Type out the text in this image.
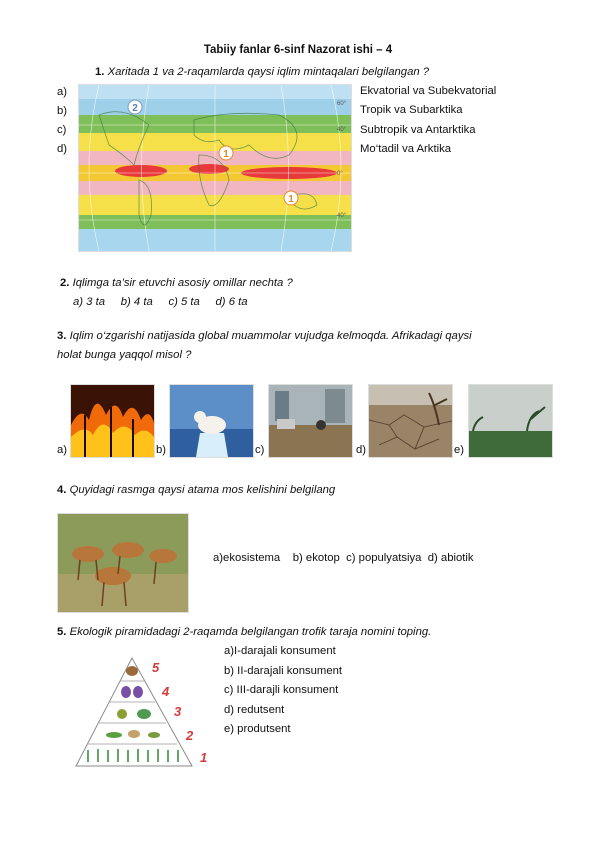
Tabiiy fanlar 6-sinf Nazorat ishi – 4
1. Xaritada 1 va 2-raqamlarda qaysi iqlim mintaqalari belgilangan ?
a)
b)
c)
d)
Ekvatorial va Subekvatorial
Tropik va Subarktika
Subtropik va Antarktika
Mo‘tadil va Arktika
2
1
1
60°
40°
0°
40°
2. Iqlimga ta’sir etuvchi asosiy omillar nechta ?
a) 3 ta     b) 4 ta     c) 5 ta     d) 6 ta
3. Iqlim o‘zgarishi natijasida global muammolar vujudga kelmoqda. Afrikadagi qaysi
holat bunga yaqqol misol ?
a)	b)	c)	d)	e)
4. Quyidagi rasmga qaysi atama mos kelishini belgilang
a)ekosistema    b) ekotop  c) populyatsiya  d) abiotik
5. Ekologik piramidadagi 2-raqamda belgilangan trofik taraja nomini toping.
a)I-darajali konsument
b) II-darajali konsument
c) III-darajli konsument
d) redutsent
e) produtsent
5
4
3
2
1
